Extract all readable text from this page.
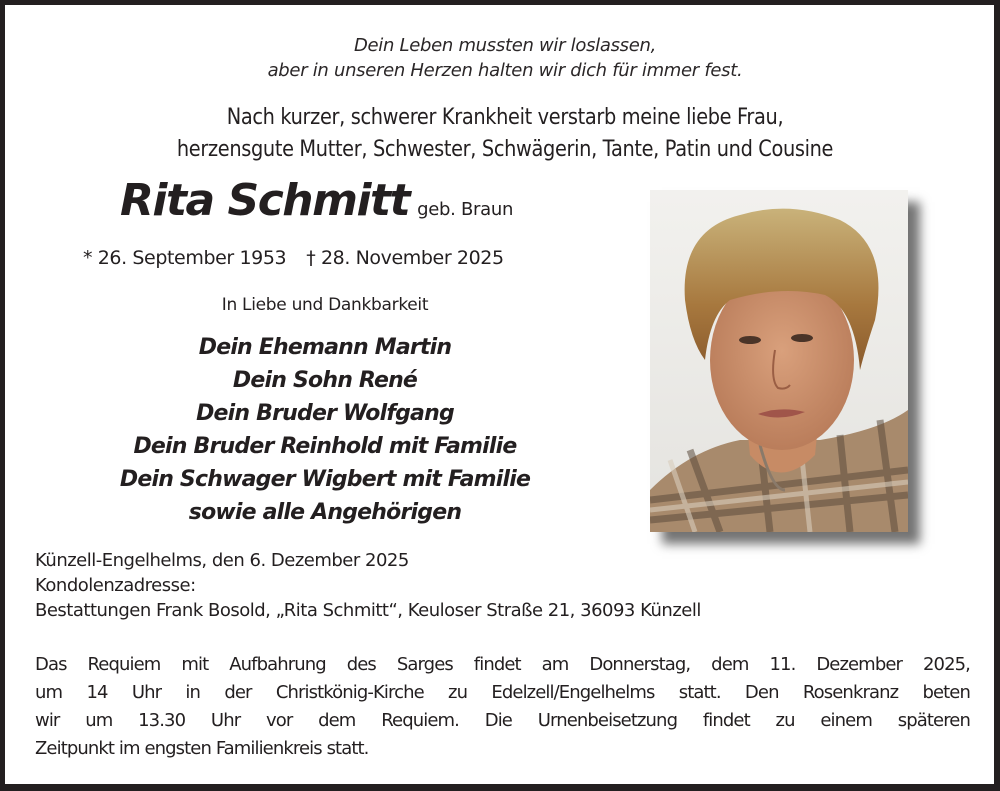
Dein Leben mussten wir loslassen,
aber in unseren Herzen halten wir dich für immer fest.
Nach kurzer, schwerer Krankheit verstarb meine liebe Frau,
herzensgute Mutter, Schwester, Schwägerin, Tante, Patin und Cousine
Rita Schmitt geb. Braun
* 26. September 1953 † 28. November 2025
In Liebe und Dankbarkeit
Dein Ehemann Martin
Dein Sohn René
Dein Bruder Wolfgang
Dein Bruder Reinhold mit Familie
Dein Schwager Wigbert mit Familie
sowie alle Angehörigen
Künzell-Engelhelms, den 6. Dezember 2025
Kondolenzadresse:
Bestattungen Frank Bosold, „Rita Schmitt“, Keuloser Straße 21, 36093 Künzell
Das Requiem mit Aufbahrung des Sarges findet am Donnerstag, dem 11. Dezember 2025,
um 14 Uhr in der Christkönig-Kirche zu Edelzell/Engelhelms statt. Den Rosenkranz beten
wir um 13.30 Uhr vor dem Requiem. Die Urnenbeisetzung findet zu einem späteren
Zeitpunkt im engsten Familienkreis statt.
